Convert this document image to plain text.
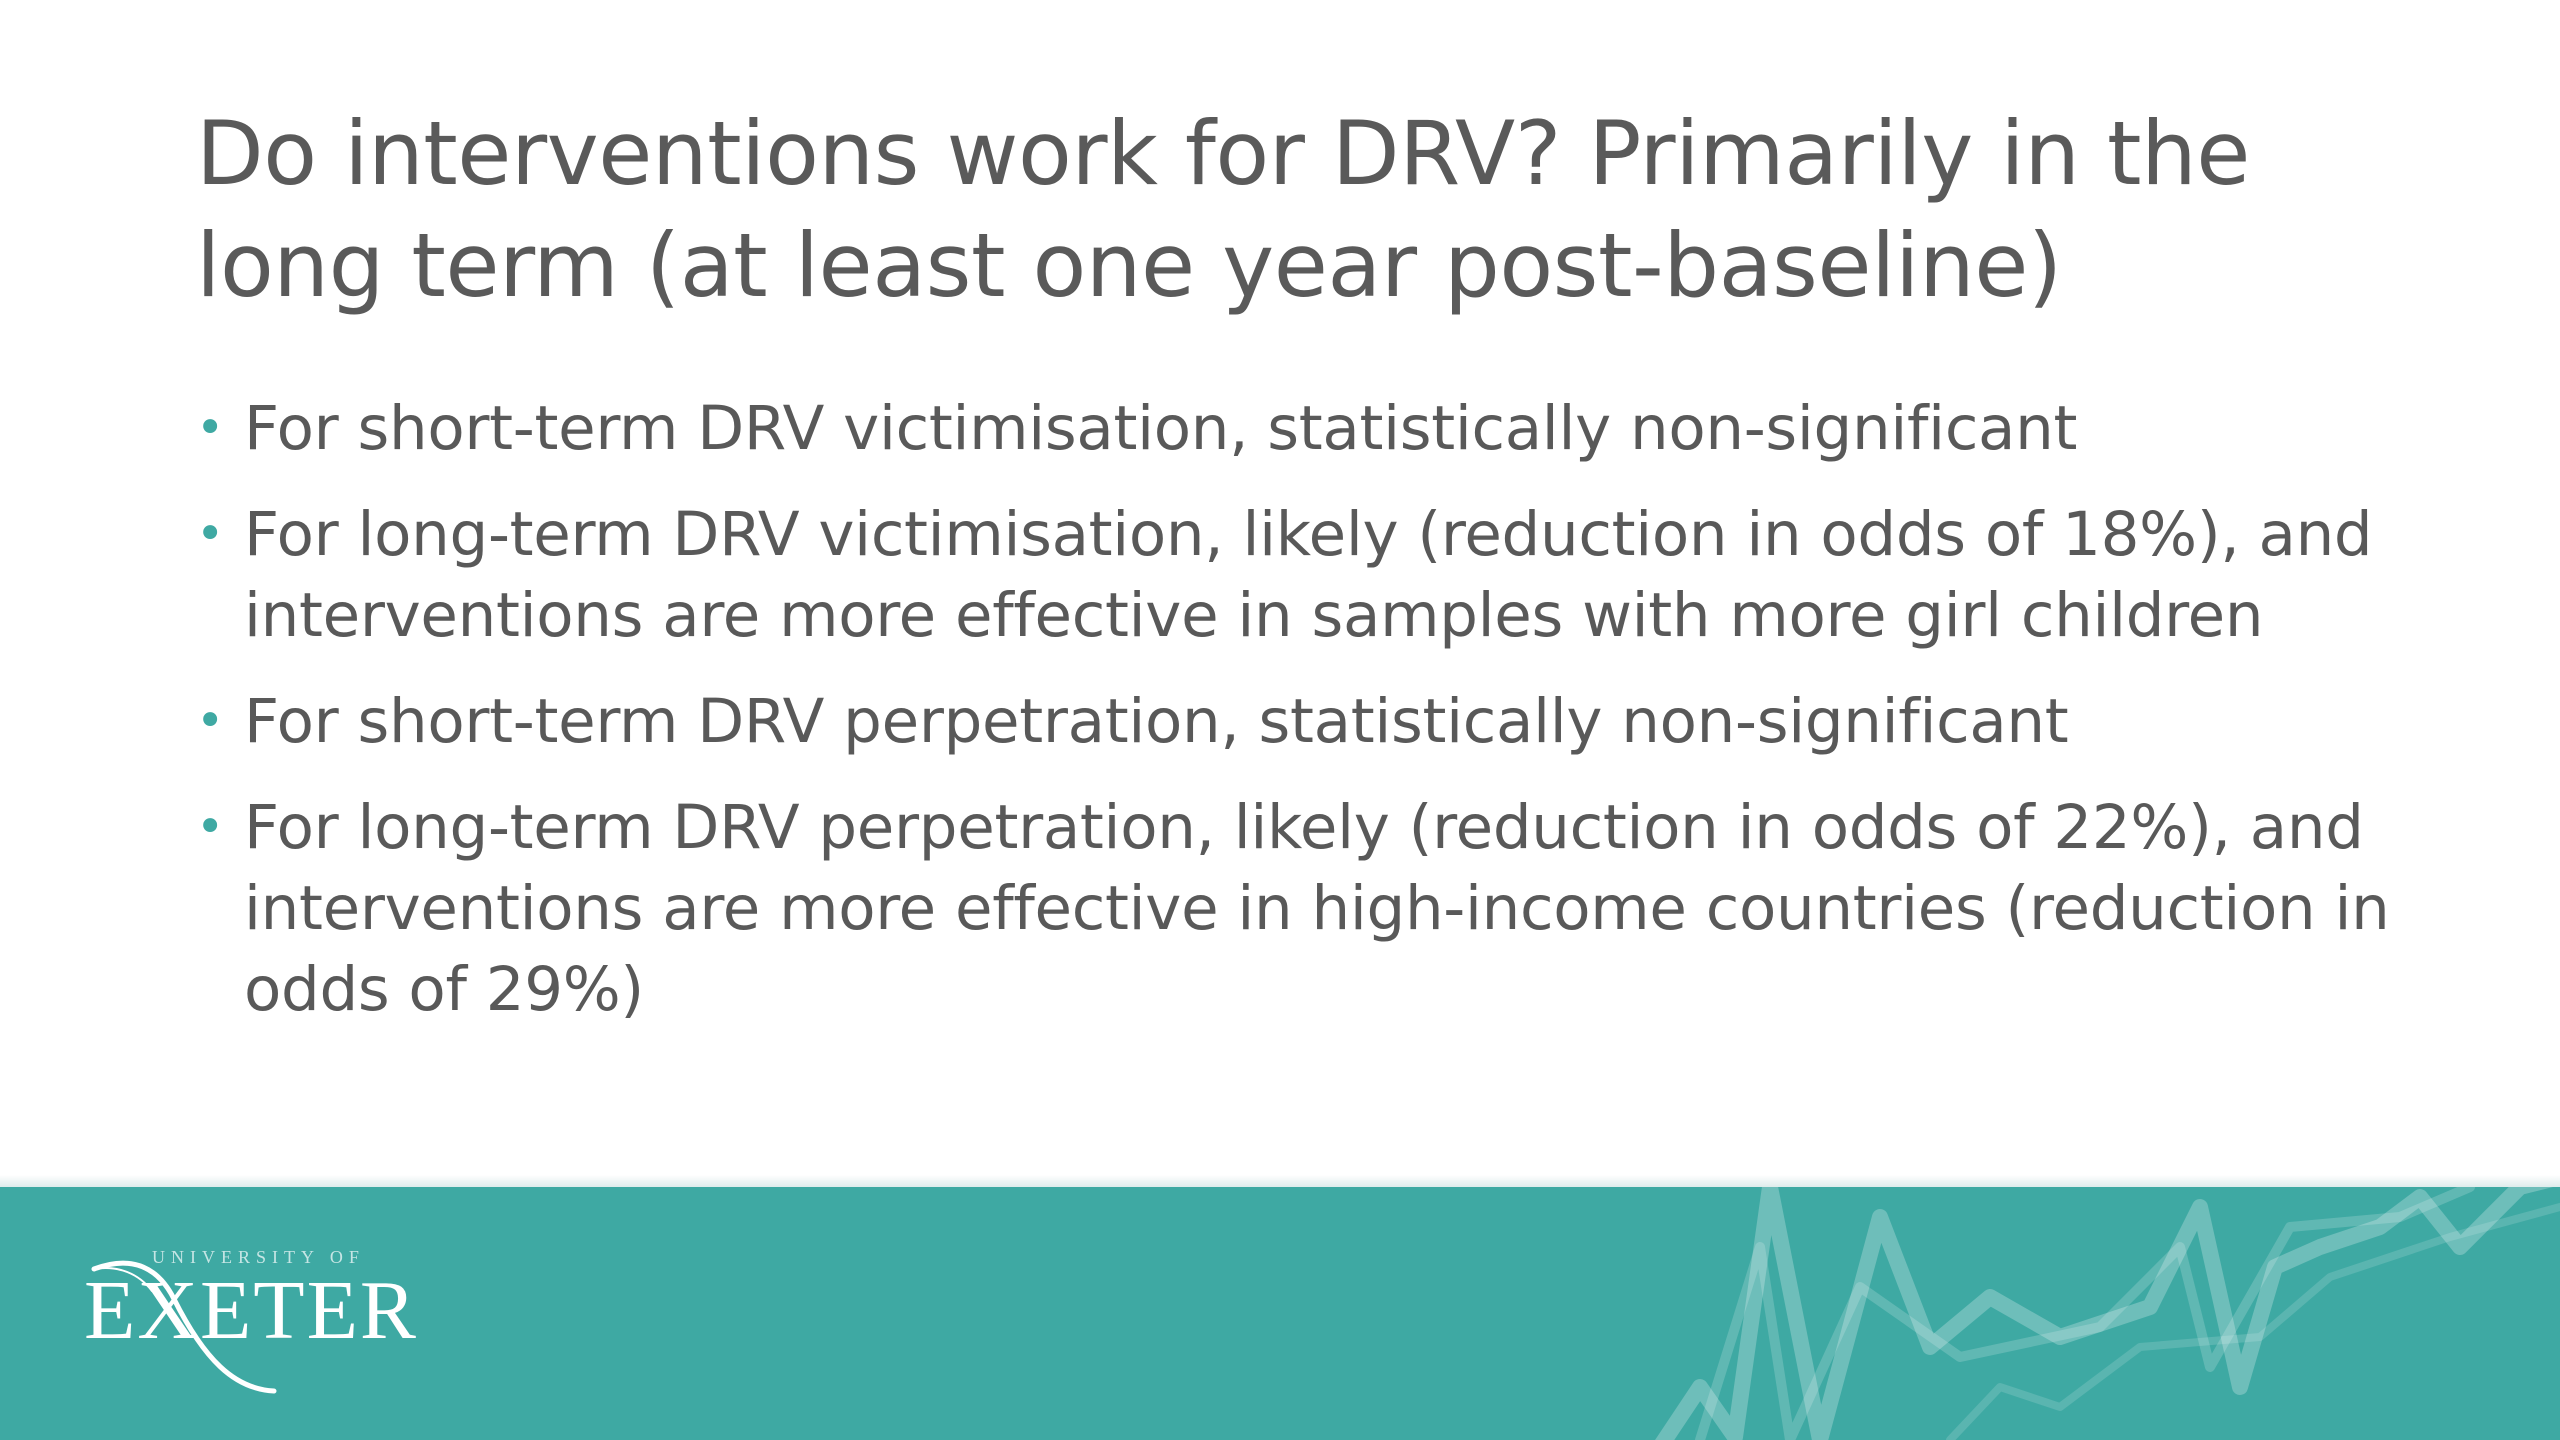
Do interventions work for DRV? Primarily in the long term (at least one year post-baseline)
• For short-term DRV victimisation, statistically non-significant
• For long-term DRV victimisation, likely (reduction in odds of 18%), and interventions are more effective in samples with more girl children
• For short-term DRV perpetration, statistically non-significant
• For long-term DRV perpetration, likely (reduction in odds of 22%), and interventions are more effective in high-income countries (reduction in odds of 29%)
UNIVERSITY OF
EXETER
